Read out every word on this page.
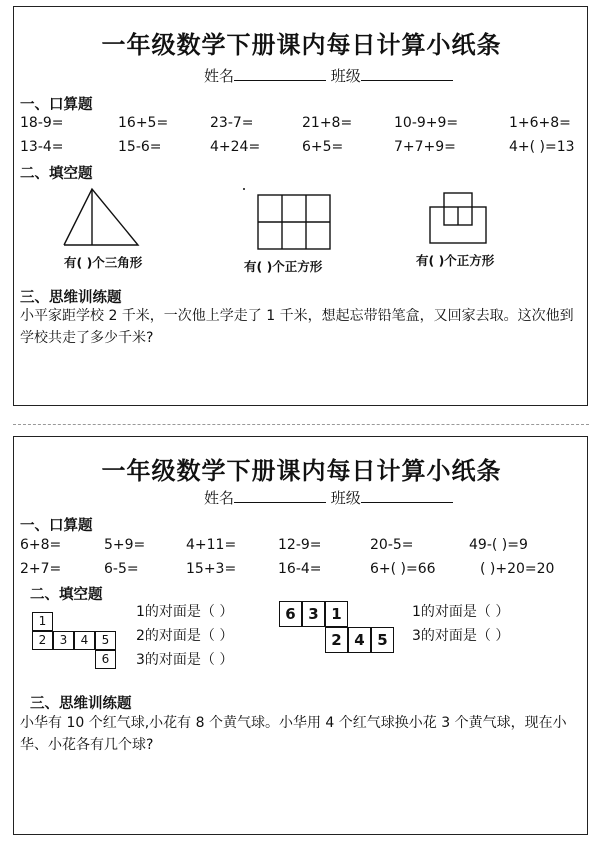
一年级数学下册课内每日计算小纸条
姓名	班级
一、口算题
18-9=	16+5=	23-7=	21+8=	10-9+9=	1+6+8=
13-4=	15-6=	4+24=	6+5=	7+7+9=	4+( )=13
二、填空题
有( )个三角形	有( )个正方形	有( )个正方形
三、思维训练题
小平家距学校 2 千米，一次他上学走了 1 千米，想起忘带铅笔盒，又回家去取。这次他到学校共走了多少千米?
一年级数学下册课内每日计算小纸条
姓名	班级
一、口算题
6+8=	5+9=	4+11=	12-9=	20-5=	49-( )=9
2+7=	6-5=	15+3=	16-4=	6+( )=66	( )+20=20
二、填空题
1
2	3	4	5
6
1的对面是（ ）
2的对面是（ ）
3的对面是（ ）
6 3 1
2 4 5
1的对面是（ ）
3的对面是（ ）
三、思维训练题
小华有 10 个红气球,小花有 8 个黄气球。小华用 4 个红气球换小花 3 个黄气球，现在小华、小花各有几个球?
